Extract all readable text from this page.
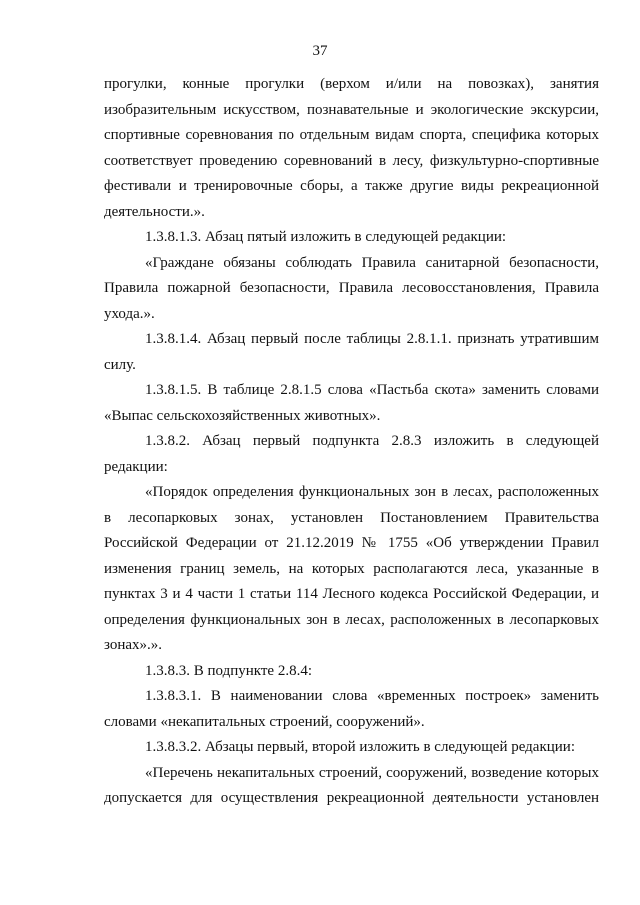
37

прогулки, конные прогулки (верхом и/или на повозках), занятия изобразительным искусством, познавательные и экологические экскурсии, спортивные соревнования по отдельным видам спорта, специфика которых соответствует проведению соревнований в лесу, физкультурно-спортивные фестивали и тренировочные сборы, а также другие виды рекреационной деятельности.».

1.3.8.1.3. Абзац пятый изложить в следующей редакции:

«Граждане обязаны соблюдать Правила санитарной безопасности, Правила пожарной безопасности, Правила лесовосстановления, Правила ухода.».

1.3.8.1.4. Абзац первый после таблицы 2.8.1.1. признать утратившим силу.

1.3.8.1.5. В таблице 2.8.1.5 слова «Пастьба скота» заменить словами «Выпас сельскохозяйственных животных».

1.3.8.2. Абзац первый подпункта 2.8.3 изложить в следующей редакции:

«Порядок определения функциональных зон в лесах, расположенных в лесопарковых зонах, установлен Постановлением Правительства Российской Федерации от 21.12.2019 № 1755 «Об утверждении Правил изменения границ земель, на которых располагаются леса, указанные в пунктах 3 и 4 части 1 статьи 114 Лесного кодекса Российской Федерации, и определения функциональных зон в лесах, расположенных в лесопарковых зонах».».

1.3.8.3. В подпункте 2.8.4:

1.3.8.3.1. В наименовании слова «временных построек» заменить словами «некапитальных строений, сооружений».

1.3.8.3.2. Абзацы первый, второй изложить в следующей редакции:

«Перечень некапитальных строений, сооружений, возведение которых допускается для осуществления рекреационной деятельности установлен
